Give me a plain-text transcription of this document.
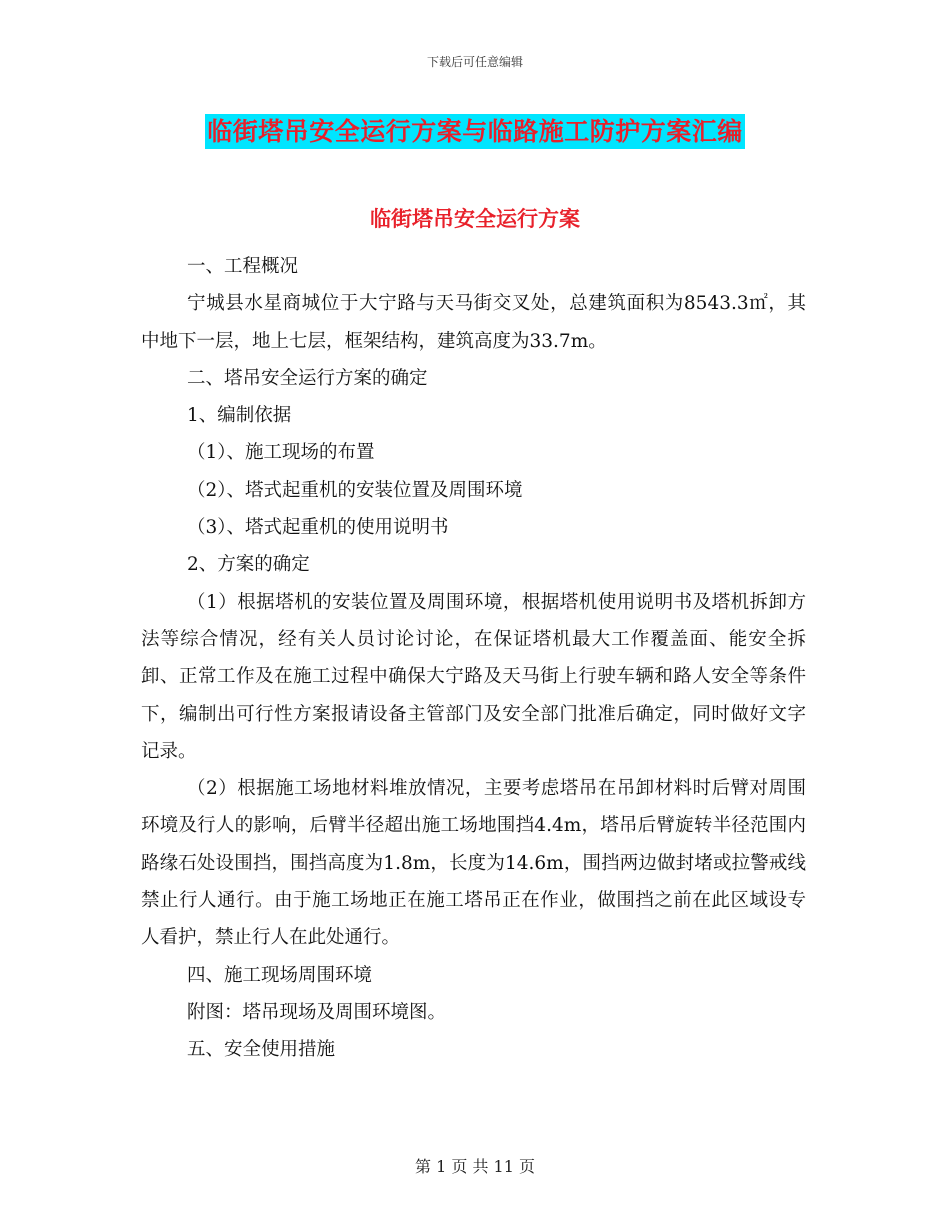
下载后可任意编辑
临街塔吊安全运行方案与临路施工防护方案汇编
临街塔吊安全运行方案

一、工程概况

宁城县水星商城位于大宁路与天马街交叉处，总建筑面积为8543.3㎡，其中地下一层，地上七层，框架结构，建筑高度为33.7m。

二、塔吊安全运行方案的确定

1、编制依据

（1）、施工现场的布置

（2）、塔式起重机的安装位置及周围环境

（3）、塔式起重机的使用说明书

2、方案的确定

（1）根据塔机的安装位置及周围环境，根据塔机使用说明书及塔机拆卸方法等综合情况，经有关人员讨论讨论，在保证塔机最大工作覆盖面、能安全拆卸、正常工作及在施工过程中确保大宁路及天马街上行驶车辆和路人安全等条件下，编制出可行性方案报请设备主管部门及安全部门批准后确定，同时做好文字记录。

（2）根据施工场地材料堆放情况，主要考虑塔吊在吊卸材料时后臂对周围环境及行人的影响，后臂半径超出施工场地围挡4.4m，塔吊后臂旋转半径范围内路缘石处设围挡，围挡高度为1.8m，长度为14.6m，围挡两边做封堵或拉警戒线禁止行人通行。由于施工场地正在施工塔吊正在作业，做围挡之前在此区域设专人看护，禁止行人在此处通行。

四、施工现场周围环境

附图：塔吊现场及周围环境图。

五、安全使用措施

第 1 页 共 11 页
